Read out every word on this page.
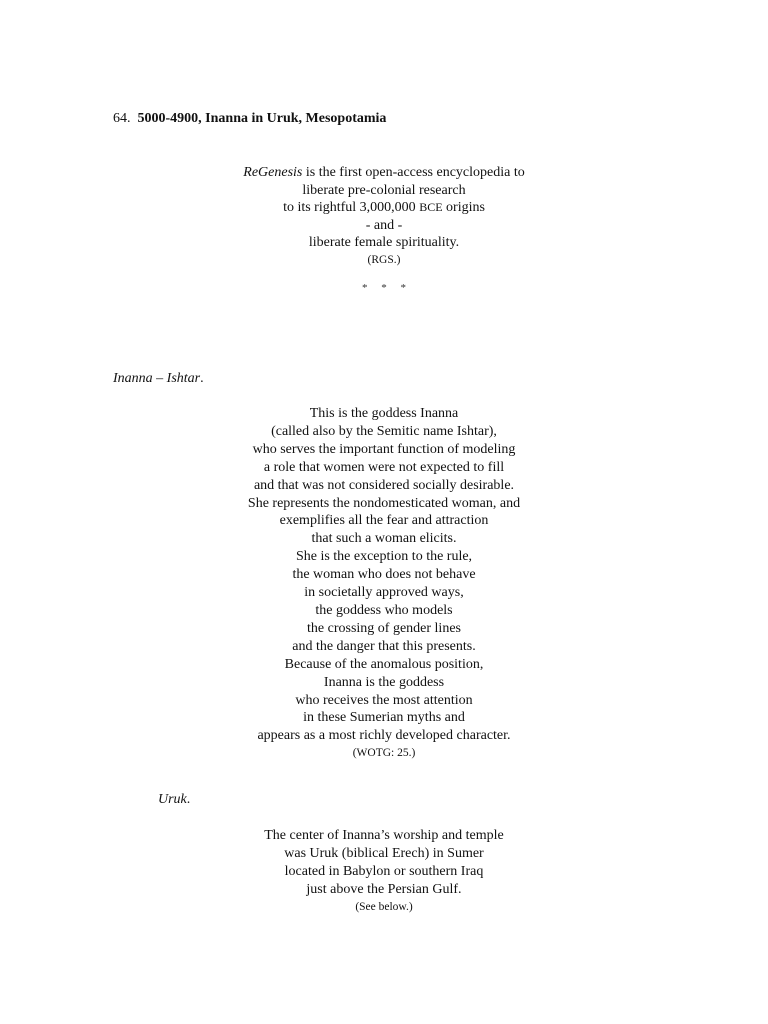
64. 5000-4900, Inanna in Uruk, Mesopotamia
ReGenesis is the first open-access encyclopedia to
liberate pre-colonial research
to its rightful 3,000,000 BCE origins
- and -
liberate female spirituality.
(RGS.)
*     *     *
Inanna – Ishtar.
This is the goddess Inanna
(called also by the Semitic name Ishtar),
who serves the important function of modeling
a role that women were not expected to fill
and that was not considered socially desirable.
She represents the nondomesticated woman, and
exemplifies all the fear and attraction
that such a woman elicits.
She is the exception to the rule,
the woman who does not behave
in societally approved ways,
the goddess who models
the crossing of gender lines
and the danger that this presents.
Because of the anomalous position,
Inanna is the goddess
who receives the most attention
in these Sumerian myths and
appears as a most richly developed character.
(WOTG: 25.)
Uruk.
The center of Inanna’s worship and temple
was Uruk (biblical Erech) in Sumer
located in Babylon or southern Iraq
just above the Persian Gulf.
(See below.)
